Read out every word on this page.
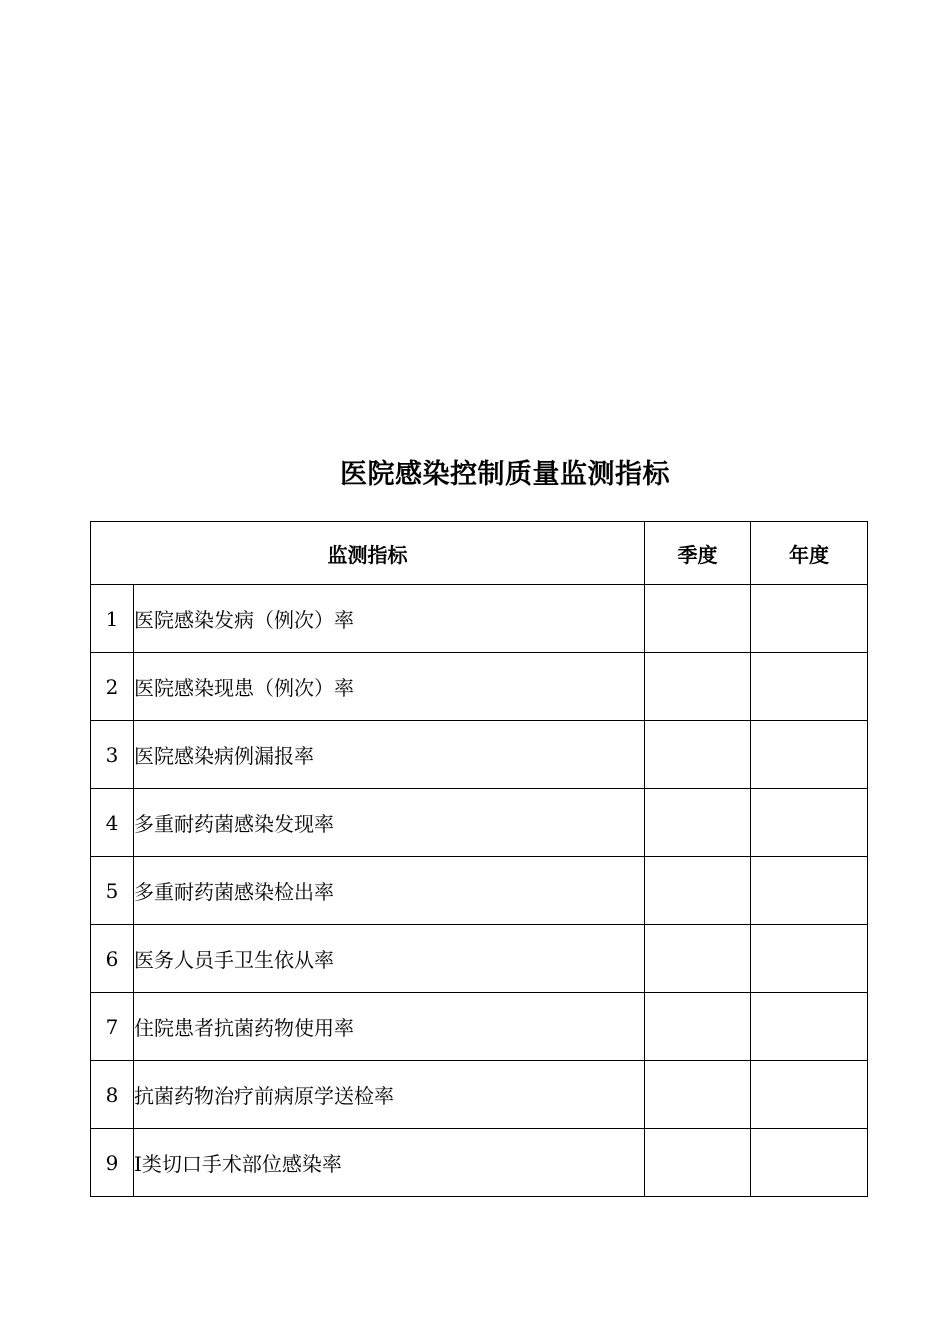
医院感染控制质量监测指标
监测指标		季度	年度
1	医院感染发病（例次）率		
2	医院感染现患（例次）率		
3	医院感染病例漏报率		
4	多重耐药菌感染发现率		
5	多重耐药菌感染检出率		
6	医务人员手卫生依从率		
7	住院患者抗菌药物使用率		
8	抗菌药物治疗前病原学送检率		
9	I类切口手术部位感染率		
